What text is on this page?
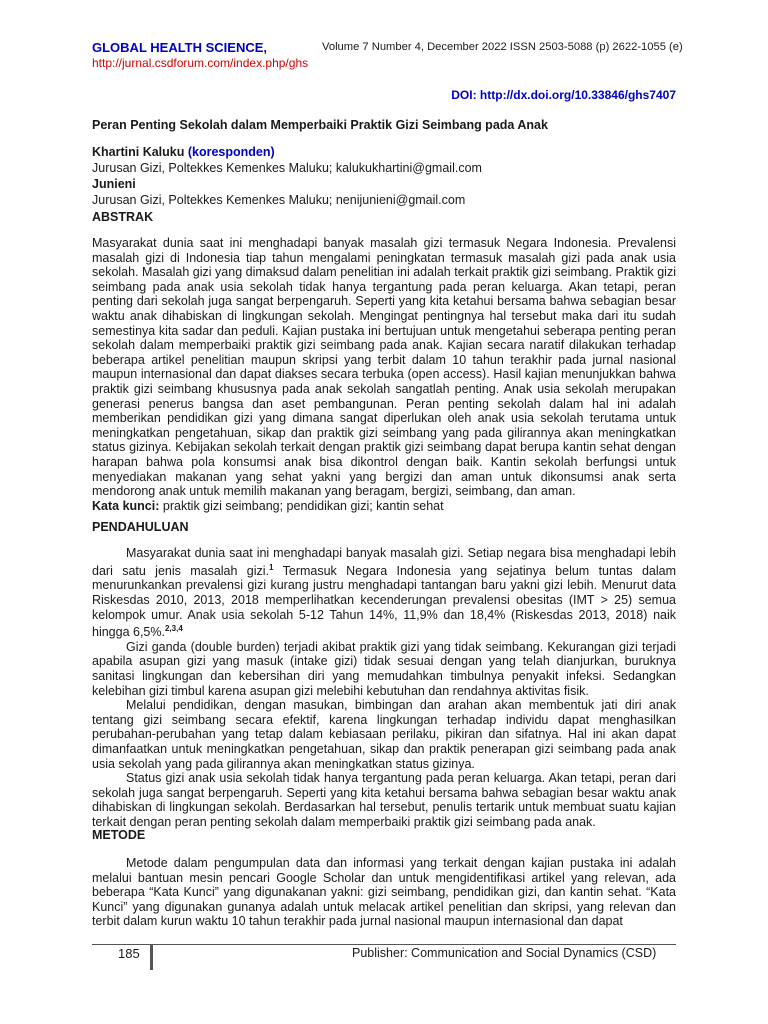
GLOBAL HEALTH SCIENCE,	Volume 7 Number 4, December 2022 ISSN 2503-5088 (p) 2622-1055 (e)
http://jurnal.csdforum.com/index.php/ghs
DOI: http://dx.doi.org/10.33846/ghs7407
Peran Penting Sekolah dalam Memperbaiki Praktik Gizi Seimbang pada Anak
Khartini Kaluku (koresponden)
Jurusan Gizi, Poltekkes Kemenkes Maluku; kalukukhartini@gmail.com
Junieni
Jurusan Gizi, Poltekkes Kemenkes Maluku; nenijunieni@gmail.com
ABSTRAK

Masyarakat dunia saat ini menghadapi banyak masalah gizi termasuk Negara Indonesia. Prevalensi masalah gizi di Indonesia tiap tahun mengalami peningkatan termasuk masalah gizi pada anak usia sekolah. Masalah gizi yang dimaksud dalam penelitian ini adalah terkait praktik gizi seimbang. Praktik gizi seimbang pada anak usia sekolah tidak hanya tergantung pada peran keluarga. Akan tetapi, peran penting dari sekolah juga sangat berpengaruh. Seperti yang kita ketahui bersama bahwa sebagian besar waktu anak dihabiskan di lingkungan sekolah. Mengingat pentingnya hal tersebut maka dari itu sudah semestinya kita sadar dan peduli. Kajian pustaka ini bertujuan untuk mengetahui seberapa penting peran sekolah dalam memperbaiki praktik gizi seimbang pada anak. Kajian secara naratif dilakukan terhadap beberapa artikel penelitian maupun skripsi yang terbit dalam 10 tahun terakhir pada jurnal nasional maupun internasional dan dapat diakses secara terbuka (open access). Hasil kajian menunjukkan bahwa praktik gizi seimbang khususnya pada anak sekolah sangatlah penting. Anak usia sekolah merupakan generasi penerus bangsa dan aset pembangunan. Peran penting sekolah dalam hal ini adalah memberikan pendidikan gizi yang dimana sangat diperlukan oleh anak usia sekolah terutama untuk meningkatkan pengetahuan, sikap dan praktik gizi seimbang yang pada gilirannya akan meningkatkan status gizinya. Kebijakan sekolah terkait dengan praktik gizi seimbang dapat berupa kantin sehat dengan harapan bahwa pola konsumsi anak bisa dikontrol dengan baik. Kantin sekolah berfungsi untuk menyediakan makanan yang sehat yakni yang bergizi dan aman untuk dikonsumsi anak serta mendorong anak untuk memilih makanan yang beragam, bergizi, seimbang, dan aman.

Kata kunci: praktik gizi seimbang; pendidikan gizi; kantin sehat
PENDAHULUAN

Masyarakat dunia saat ini menghadapi banyak masalah gizi. Setiap negara bisa menghadapi lebih dari satu jenis masalah gizi.$^1$ Termasuk Negara Indonesia yang sejatinya belum tuntas dalam menurunkankan prevalensi gizi kurang justru menghadapi tantangan baru yakni gizi lebih. Menurut data Riskesdas 2010, 2013, 2018 memperlihatkan kecenderungan prevalensi obesitas (IMT > 25) semua kelompok umur. Anak usia sekolah 5-12 Tahun 14%, 11,9% dan 18,4% (Riskesdas 2013, 2018) naik hingga 6,5%.$^{2,3,4}$

Gizi ganda (double burden) terjadi akibat praktik gizi yang tidak seimbang. Kekurangan gizi terjadi apabila asupan gizi yang masuk (intake gizi) tidak sesuai dengan yang telah dianjurkan, buruknya sanitasi lingkungan dan kebersihan diri yang memudahkan timbulnya penyakit infeksi. Sedangkan kelebihan gizi timbul karena asupan gizi melebihi kebutuhan dan rendahnya aktivitas fisik.

Melalui pendidikan, dengan masukan, bimbingan dan arahan akan membentuk jati diri anak tentang gizi seimbang secara efektif, karena lingkungan terhadap individu dapat menghasilkan perubahan-perubahan yang tetap dalam kebiasaan perilaku, pikiran dan sifatnya. Hal ini akan dapat dimanfaatkan untuk meningkatkan pengetahuan, sikap dan praktik penerapan gizi seimbang pada anak usia sekolah yang pada gilirannya akan meningkatkan status gizinya.

Status gizi anak usia sekolah tidak hanya tergantung pada peran keluarga. Akan tetapi, peran dari sekolah juga sangat berpengaruh. Seperti yang kita ketahui bersama bahwa sebagian besar waktu anak dihabiskan di lingkungan sekolah. Berdasarkan hal tersebut, penulis tertarik untuk membuat suatu kajian terkait dengan peran penting sekolah dalam memperbaiki praktik gizi seimbang pada anak.

METODE

Metode dalam pengumpulan data dan informasi yang terkait dengan kajian pustaka ini adalah melalui bantuan mesin pencari Google Scholar dan untuk mengidentifikasi artikel yang relevan, ada beberapa “Kata Kunci” yang digunakanan yakni: gizi seimbang, pendidikan gizi, dan kantin sehat. “Kata Kunci” yang digunakan gunanya adalah untuk melacak artikel penelitian dan skripsi, yang relevan dan terbit dalam kurun waktu 10 tahun terakhir pada jurnal nasional maupun internasional dan dapat

185	Publisher: Communication and Social Dynamics (CSD)
